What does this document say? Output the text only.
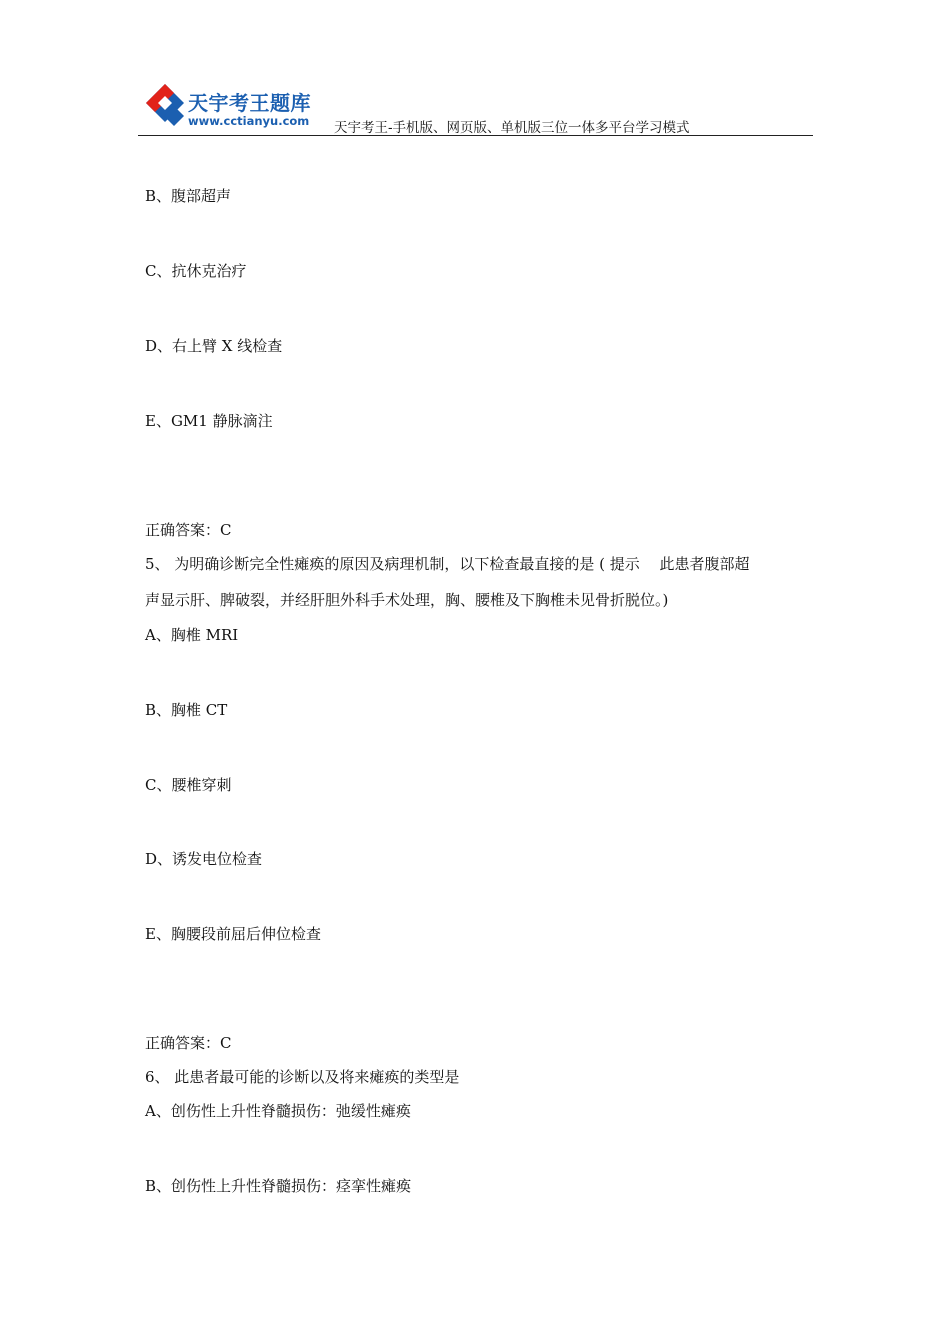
天宇考王题库
www.cctianyu.com 天宇考王-手机版、网页版、单机版三位一体多平台学习模式
B、腹部超声
C、抗休克治疗
D、右上臂 X 线检查
E、GM1 静脉滴注
正确答案：C
5、 为明确诊断完全性瘫痪的原因及病理机制，以下检查最直接的是 ( 提示　 此患者腹部超
声显示肝、脾破裂，并经肝胆外科手术处理，胸、腰椎及下胸椎未见骨折脱位。)
A、胸椎 MRI
B、胸椎 CT
C、腰椎穿刺
D、诱发电位检查
E、胸腰段前屈后伸位检查
正确答案：C
6、 此患者最可能的诊断以及将来瘫痪的类型是
A、创伤性上升性脊髓损伤：弛缓性瘫痪
B、创伤性上升性脊髓损伤：痉挛性瘫痪
